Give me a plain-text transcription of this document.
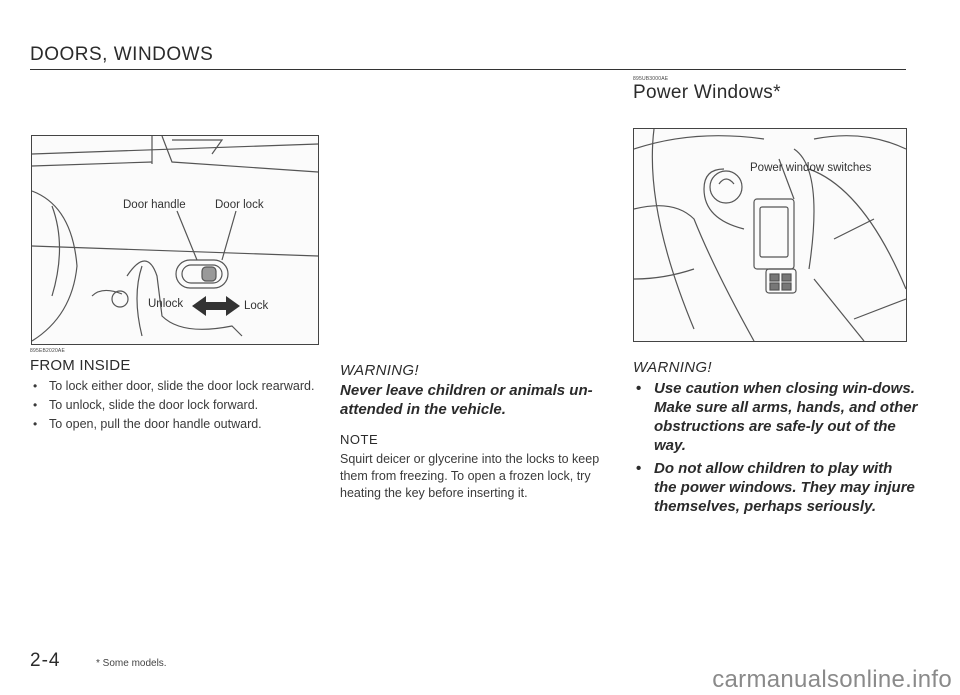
DOORS, WINDOWS
Door handle	Door lock
Unlock	Lock
895EB2020AE
FROM INSIDE
• To lock either door, slide the door lock rearward.
• To unlock, slide the door lock forward.
• To open, pull the door handle outward.
WARNING!
Never leave children or animals un-attended in the vehicle.
NOTE
Squirt deicer or glycerine into the locks to keep them from freezing. To open a frozen lock, try heating the key before inserting it.
895UB3000AE
Power Windows*
Power window switches
WARNING!
• Use caution when closing win-dows. Make sure all arms, hands, and other obstructions are safe-ly out of the way.
• Do not allow children to play with the power windows. They may injure themselves, perhaps seriously.
2-4	* Some models.
carmanualsonline.info
